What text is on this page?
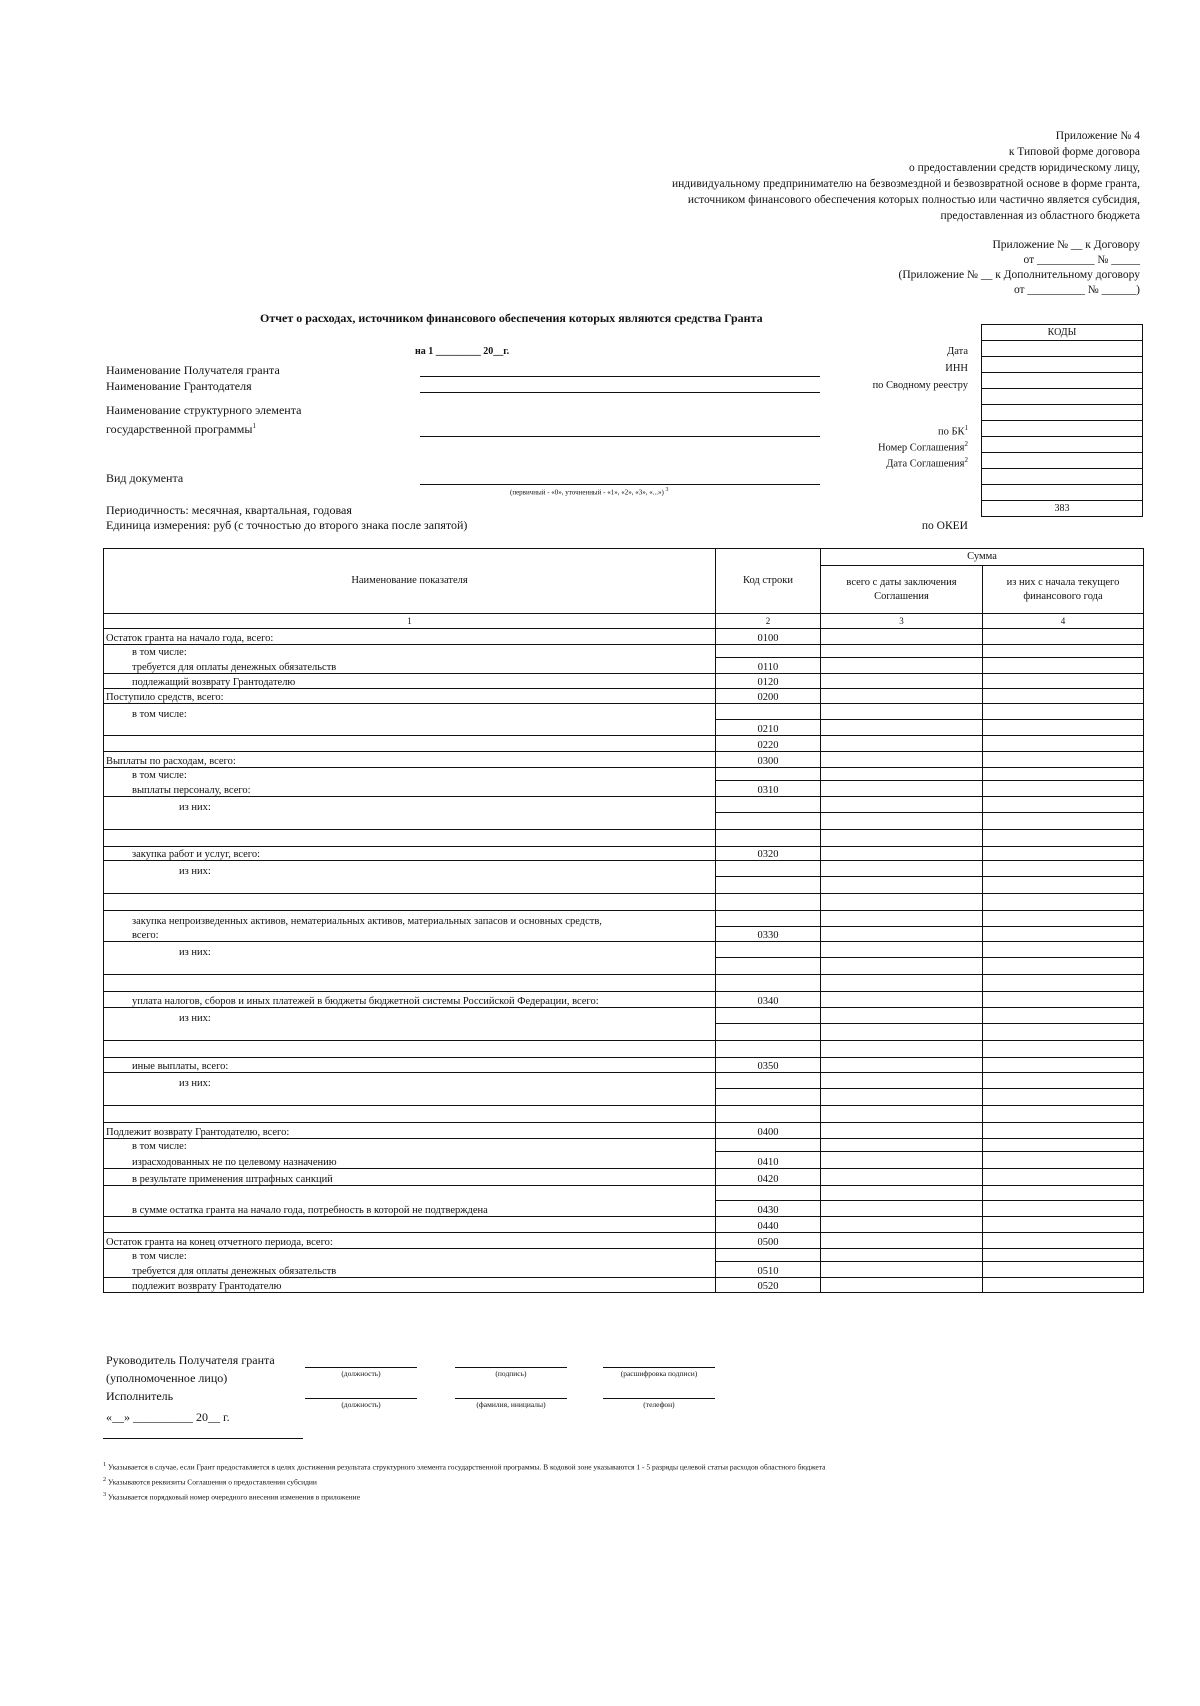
Приложение № 4
к Типовой форме договора
о предоставлении средств юридическому лицу,
индивидуальному предпринимателю на безвозмездной и безвозвратной основе в форме гранта,
источником финансового обеспечения которых полностью или частично является субсидия,
предоставленная из областного бюджета
Приложение № __ к Договору
от __________ № _____
(Приложение № __ к Дополнительному договору
от __________ № ______)
Отчет о расходах, источником финансового обеспечения которых являются средства Гранта
КОДЫ

383
Дата
ИНН
по Сводному реестру
по $БК^1$
Номер Соглашения$^2$
Дата Соглашения$^2$
по ОКЕИ
на 1 _________ 20__г.
Наименование Получателя гранта
Наименование Грантодателя
Наименование структурного элемента
государственной программы$^1$
Вид документа
(первичный - «0», уточненный - «1», «2», «3», «...») $^3$
Периодичность: месячная, квартальная, годовая
Единица измерения: руб (с точностью до второго знака после запятой)
Наименование показателя	Код строки	Сумма	
		всего с даты заключения Соглашения	из них с начала текущего финансового года
1	2	3	4
Остаток гранта на начало года, всего:	0100		
в том числе:			
требуется для оплаты денежных обязательств	0110		
подлежащий возврату Грантодателю	0120		
Поступило средств, всего:	0200		
в том числе:			
	0210		
	0220		
Выплаты по расходам, всего:	0300		
в том числе:			
выплаты персоналу, всего:	0310		
из них:			

закупка работ и услуг, всего:	0320		
из них:			

закупка непроизведенных активов, нематериальных активов, материальных запасов и основных средств,			
всего:	0330		
из них:			

уплата налогов, сборов и иных платежей в бюджеты бюджетной системы Российской Федерации, всего:	0340		
из них:			

иные выплаты, всего:	0350		
из них:			

Подлежит возврату Грантодателю, всего:	0400		
в том числе:			
израсходованных не по целевому назначению	0410		
в результате применения штрафных санкций	0420		

в сумме остатка гранта на начало года, потребность в которой не подтверждена	0430		
	0440		
Остаток гранта на конец отчетного периода, всего:	0500		
в том числе:			
требуется для оплаты денежных обязательств	0510		
подлежит возврату Грантодателю	0520		
Руководитель Получателя гранта
(уполномоченное лицо)	(должность)	(подпись)	(расшифровка подписи)
Исполнитель
(должность)	(фамилия, инициалы)	(телефон)
«__» __________ 20__ г.
$^1$ Указывается в случае, если Грант предоставляется в целях достижения результата структурного элемента государственной программы. В кодовой зоне указываются 1 - 5 разряды целевой статьи расходов областного бюджета
$^2$ Указываются реквизиты Соглашения о предоставлении субсидии
$^3$ Указывается порядковый номер очередного внесения изменения в приложение
